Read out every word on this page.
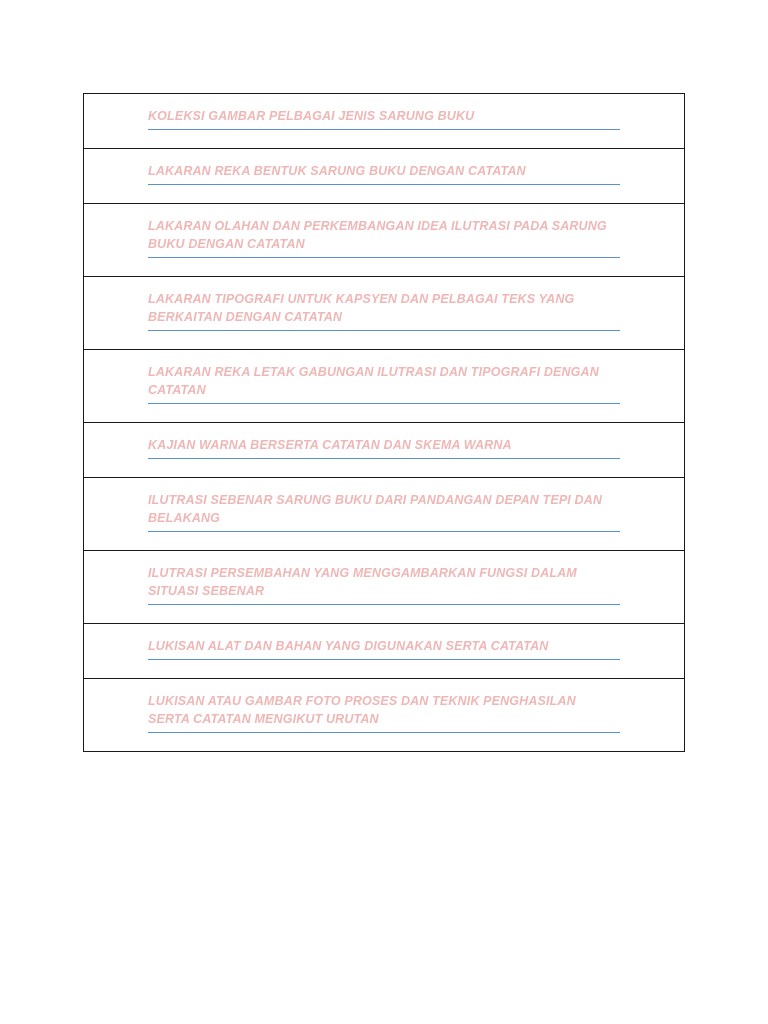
KOLEKSI GAMBAR PELBAGAI JENIS SARUNG BUKU
LAKARAN REKA BENTUK SARUNG BUKU DENGAN CATATAN
LAKARAN OLAHAN DAN PERKEMBANGAN IDEA ILUTRASI PADA SARUNG BUKU DENGAN CATATAN
LAKARAN TIPOGRAFI UNTUK KAPSYEN DAN PELBAGAI TEKS YANG BERKAITAN DENGAN CATATAN
LAKARAN REKA LETAK GABUNGAN ILUTRASI DAN TIPOGRAFI DENGAN CATATAN
KAJIAN WARNA BERSERTA CATATAN DAN SKEMA WARNA
ILUTRASI SEBENAR SARUNG BUKU DARI PANDANGAN DEPAN TEPI DAN BELAKANG
ILUTRASI PERSEMBAHAN YANG MENGGAMBARKAN FUNGSI DALAM SITUASI SEBENAR
LUKISAN ALAT DAN BAHAN YANG DIGUNAKAN SERTA CATATAN
LUKISAN ATAU GAMBAR FOTO PROSES DAN TEKNIK PENGHASILAN SERTA CATATAN MENGIKUT URUTAN
